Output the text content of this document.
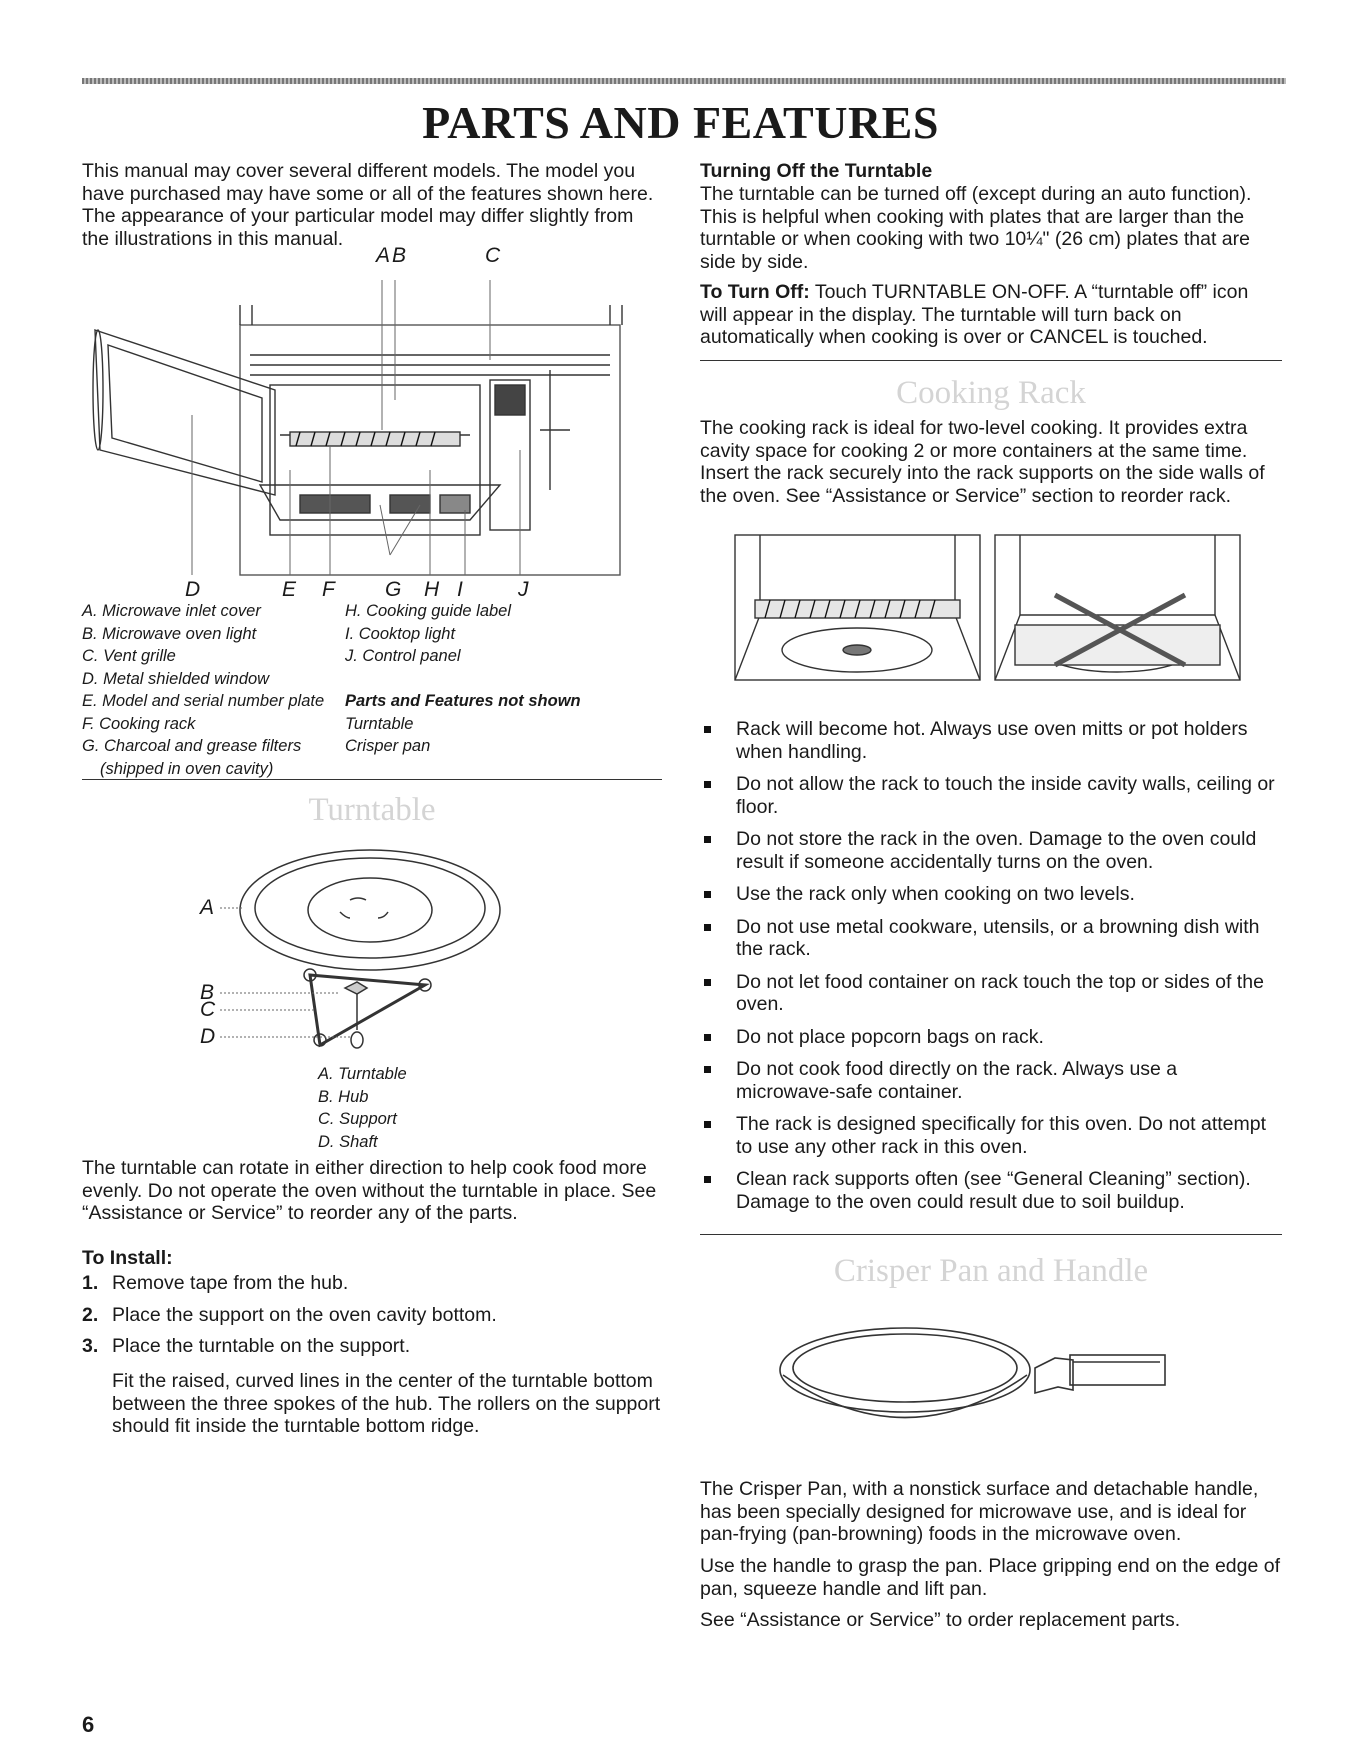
PARTS AND FEATURES
This manual may cover several different models. The model you have purchased may have some or all of the features shown here. The appearance of your particular model may differ slightly from the illustrations in this manual.
A B	C
D	E F G H I	J
A. Microwave inlet cover
B. Microwave oven light
C. Vent grille
D. Metal shielded window
E. Model and serial number plate
F. Cooking rack
G. Charcoal and grease filters
(shipped in oven cavity)
H. Cooking guide label
I. Cooktop light
J. Control panel
Parts and Features not shown
Turntable
Crisper pan
Turntable
A
B
C
D
A. Turntable
B. Hub
C. Support
D. Shaft
The turntable can rotate in either direction to help cook food more evenly. Do not operate the oven without the turntable in place. See “Assistance or Service” to reorder any of the parts.
To Install:
1. Remove tape from the hub.
2. Place the support on the oven cavity bottom.
3. Place the turntable on the support.
Fit the raised, curved lines in the center of the turntable bottom between the three spokes of the hub. The rollers on the support should fit inside the turntable bottom ridge.
6
Turning Off the Turntable
The turntable can be turned off (except during an auto function). This is helpful when cooking with plates that are larger than the turntable or when cooking with two 10¼" (26 cm) plates that are side by side.
To Turn Off: Touch TURNTABLE ON-OFF. A “turntable off” icon will appear in the display. The turntable will turn back on automatically when cooking is over or CANCEL is touched.
Cooking Rack
The cooking rack is ideal for two-level cooking. It provides extra cavity space for cooking 2 or more containers at the same time. Insert the rack securely into the rack supports on the side walls of the oven. See “Assistance or Service” section to reorder rack.
Rack will become hot. Always use oven mitts or pot holders when handling.
Do not allow the rack to touch the inside cavity walls, ceiling or floor.
Do not store the rack in the oven. Damage to the oven could result if someone accidentally turns on the oven.
Use the rack only when cooking on two levels.
Do not use metal cookware, utensils, or a browning dish with the rack.
Do not let food container on rack touch the top or sides of the oven.
Do not place popcorn bags on rack.
Do not cook food directly on the rack. Always use a microwave-safe container.
The rack is designed specifically for this oven. Do not attempt to use any other rack in this oven.
Clean rack supports often (see “General Cleaning” section). Damage to the oven could result due to soil buildup.
Crisper Pan and Handle
The Crisper Pan, with a nonstick surface and detachable handle, has been specially designed for microwave use, and is ideal for pan-frying (pan-browning) foods in the microwave oven.
Use the handle to grasp the pan. Place gripping end on the edge of pan, squeeze handle and lift pan.
See “Assistance or Service” to order replacement parts.
